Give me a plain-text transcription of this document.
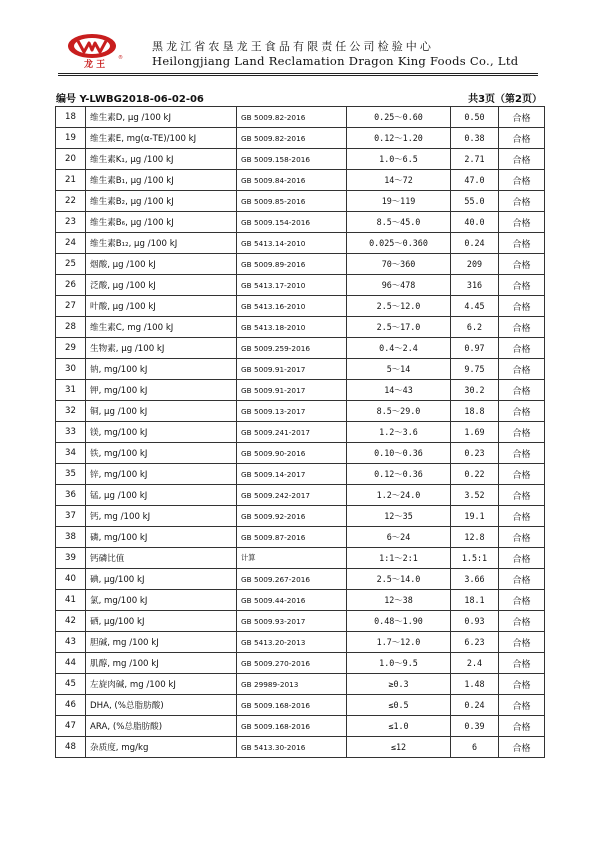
龙 王
®
黑龙江省农垦龙王食品有限责任公司检验中心
Heilongjiang Land Reclamation Dragon King Foods Co., Ltd
编号 Y-LWBG2018-06-02-06	共3页（第2页）
18	维生素D, μg /100 kJ	GB 5009.82-2016	0.25～0.60	0.50	合格
19	维生素E, mg(α-TE)/100 kJ	GB 5009.82-2016	0.12～1.20	0.38	合格
20	维生素K₁, μg /100 kJ	GB 5009.158-2016	1.0～6.5	2.71	合格
21	维生素B₁, μg /100 kJ	GB 5009.84-2016	14～72	47.0	合格
22	维生素B₂, μg /100 kJ	GB 5009.85-2016	19～119	55.0	合格
23	维生素B₆, μg /100 kJ	GB 5009.154-2016	8.5～45.0	40.0	合格
24	维生素B₁₂, μg /100 kJ	GB 5413.14-2010	0.025～0.360	0.24	合格
25	烟酸, μg /100 kJ	GB 5009.89-2016	70～360	209	合格
26	泛酸, μg /100 kJ	GB 5413.17-2010	96～478	316	合格
27	叶酸, μg /100 kJ	GB 5413.16-2010	2.5～12.0	4.45	合格
28	维生素C, mg /100 kJ	GB 5413.18-2010	2.5～17.0	6.2	合格
29	生物素, μg /100 kJ	GB 5009.259-2016	0.4～2.4	0.97	合格
30	钠, mg/100 kJ	GB 5009.91-2017	5～14	9.75	合格
31	钾, mg/100 kJ	GB 5009.91-2017	14～43	30.2	合格
32	铜, μg /100 kJ	GB 5009.13-2017	8.5～29.0	18.8	合格
33	镁, mg/100 kJ	GB 5009.241-2017	1.2～3.6	1.69	合格
34	铁, mg/100 kJ	GB 5009.90-2016	0.10～0.36	0.23	合格
35	锌, mg/100 kJ	GB 5009.14-2017	0.12～0.36	0.22	合格
36	锰, μg /100 kJ	GB 5009.242-2017	1.2～24.0	3.52	合格
37	钙, mg /100 kJ	GB 5009.92-2016	12～35	19.1	合格
38	磷, mg/100 kJ	GB 5009.87-2016	6～24	12.8	合格
39	钙磷比值	计算	1:1～2:1	1.5:1	合格
40	碘, μg/100 kJ	GB 5009.267-2016	2.5～14.0	3.66	合格
41	氯, mg/100 kJ	GB 5009.44-2016	12～38	18.1	合格
42	硒, μg/100 kJ	GB 5009.93-2017	0.48～1.90	0.93	合格
43	胆碱, mg /100 kJ	GB 5413.20-2013	1.7～12.0	6.23	合格
44	肌醇, mg /100 kJ	GB 5009.270-2016	1.0～9.5	2.4	合格
45	左旋肉碱, mg /100 kJ	GB 29989-2013	≥0.3	1.48	合格
46	DHA, (%总脂肪酸)	GB 5009.168-2016	≤0.5	0.24	合格
47	ARA, (%总脂肪酸)	GB 5009.168-2016	≤1.0	0.39	合格
48	杂质度, mg/kg	GB 5413.30-2016	≤12	6	合格
